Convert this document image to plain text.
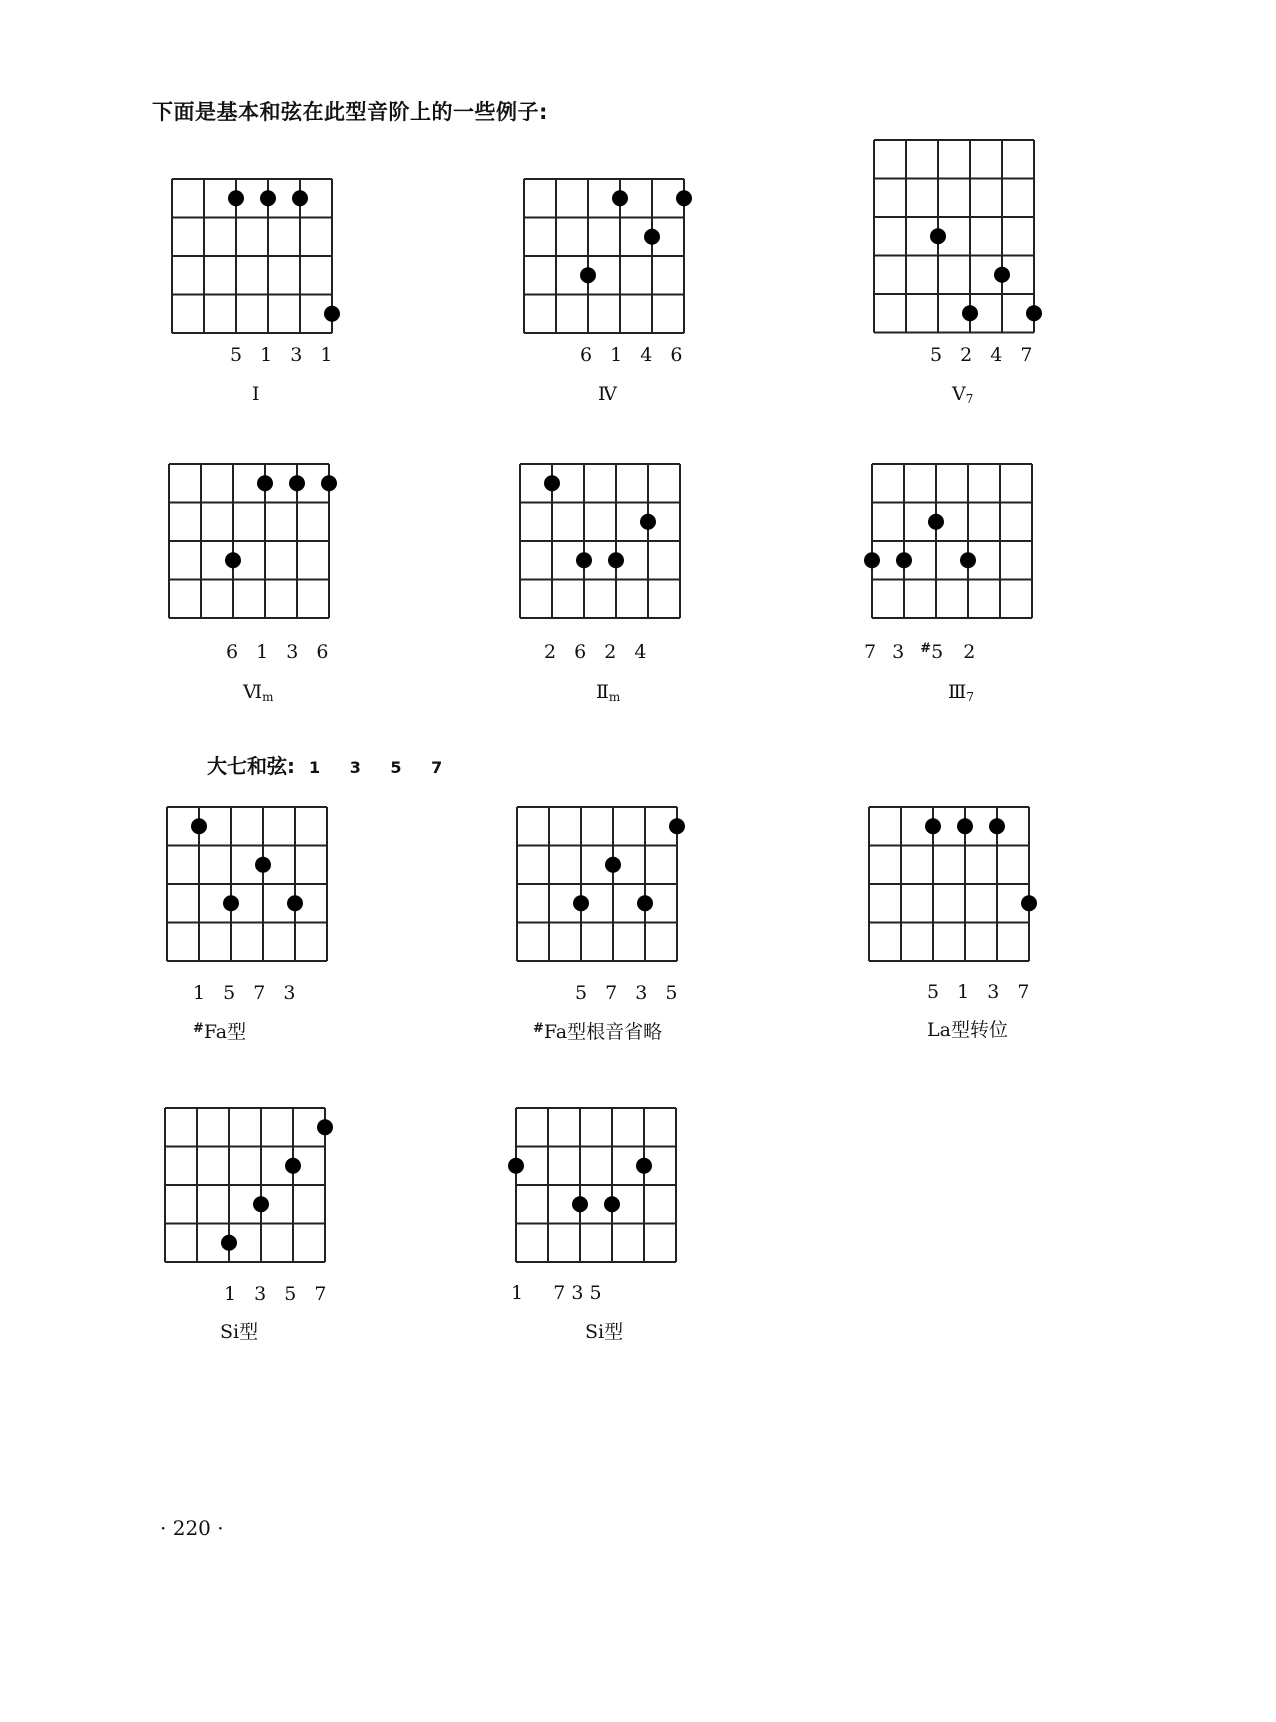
下面是基本和弦在此型音阶上的一些例子:
5 1 3 1
Ⅰ
6 1 4 6
Ⅳ
5 2 4 7
$V_7$
6 1 3 6
$Ⅵ_m$
2 6 2 4
$Ⅱ_m$
7 3 #5 2
$Ⅲ_7$
大七和弦: 1 3 5 7
1 5 7 3
#Fa型
5 7 3 5
#Fa型根音省略
5 1 3 7
La型转位
1 3 5 7
Si型
1     7 3 5
Si型
· 220 ·
